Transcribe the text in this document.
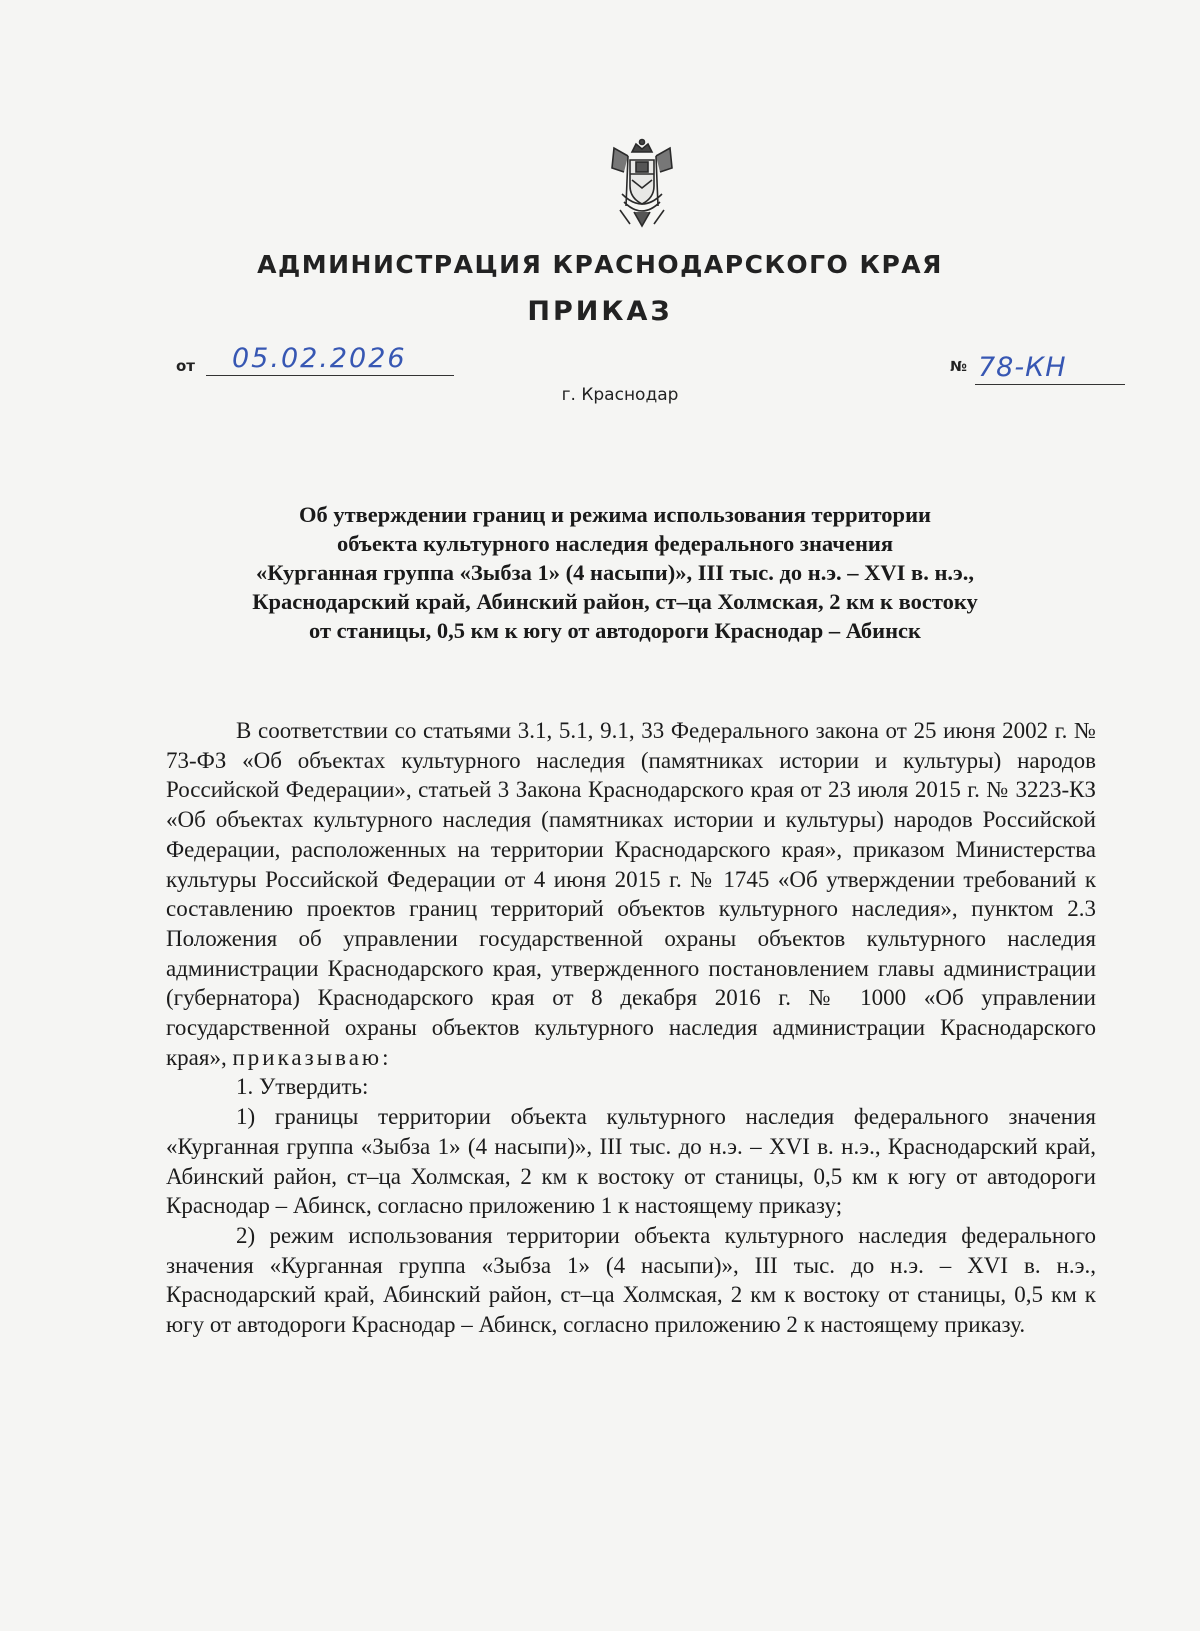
АДМИНИСТРАЦИЯ КРАСНОДАРСКОГО КРАЯ
ПРИКАЗ
от 05.02.2026
г. Краснодар
№ 78-КН
Об утверждении границ и режима использования территории
объекта культурного наследия федерального значения
«Курганная группа «Зыбза 1» (4 насыпи)», III тыс. до н.э. – XVI в. н.э.,
Краснодарский край, Абинский район, ст–ца Холмская, 2 км к востоку
от станицы, 0,5 км к югу от автодороги Краснодар – Абинск

В соответствии со статьями 3.1, 5.1, 9.1, 33 Федерального закона от 25 июня 2002 г. № 73-ФЗ «Об объектах культурного наследия (памятниках истории и культуры) народов Российской Федерации», статьей 3 Закона Краснодарского края от 23 июля 2015 г. № 3223-КЗ «Об объектах культурного наследия (памятниках истории и культуры) народов Российской Федерации, расположенных на территории Краснодарского края», приказом Министерства культуры Российской Федерации от 4 июня 2015 г. № 1745 «Об утверждении требований к составлению проектов границ территорий объектов культурного наследия», пунктом 2.3 Положения об управлении государственной охраны объектов культурного наследия администрации Краснодарского края, утвержденного постановлением главы администрации (губернатора) Краснодарского края от 8 декабря 2016 г. № 1000 «Об управлении государственной охраны объектов культурного наследия администрации Краснодарского края», приказываю:

1. Утвердить:

1) границы территории объекта культурного наследия федерального значения «Курганная группа «Зыбза 1» (4 насыпи)», III тыс. до н.э. – XVI в. н.э., Краснодарский край, Абинский район, ст–ца Холмская, 2 км к востоку от станицы, 0,5 км к югу от автодороги Краснодар – Абинск, согласно приложению 1 к настоящему приказу;

2) режим использования территории объекта культурного наследия федерального значения «Курганная группа «Зыбза 1» (4 насыпи)», III тыс. до н.э. – XVI в. н.э., Краснодарский край, Абинский район, ст–ца Холмская, 2 км к востоку от станицы, 0,5 км к югу от автодороги Краснодар – Абинск, согласно приложению 2 к настоящему приказу.
